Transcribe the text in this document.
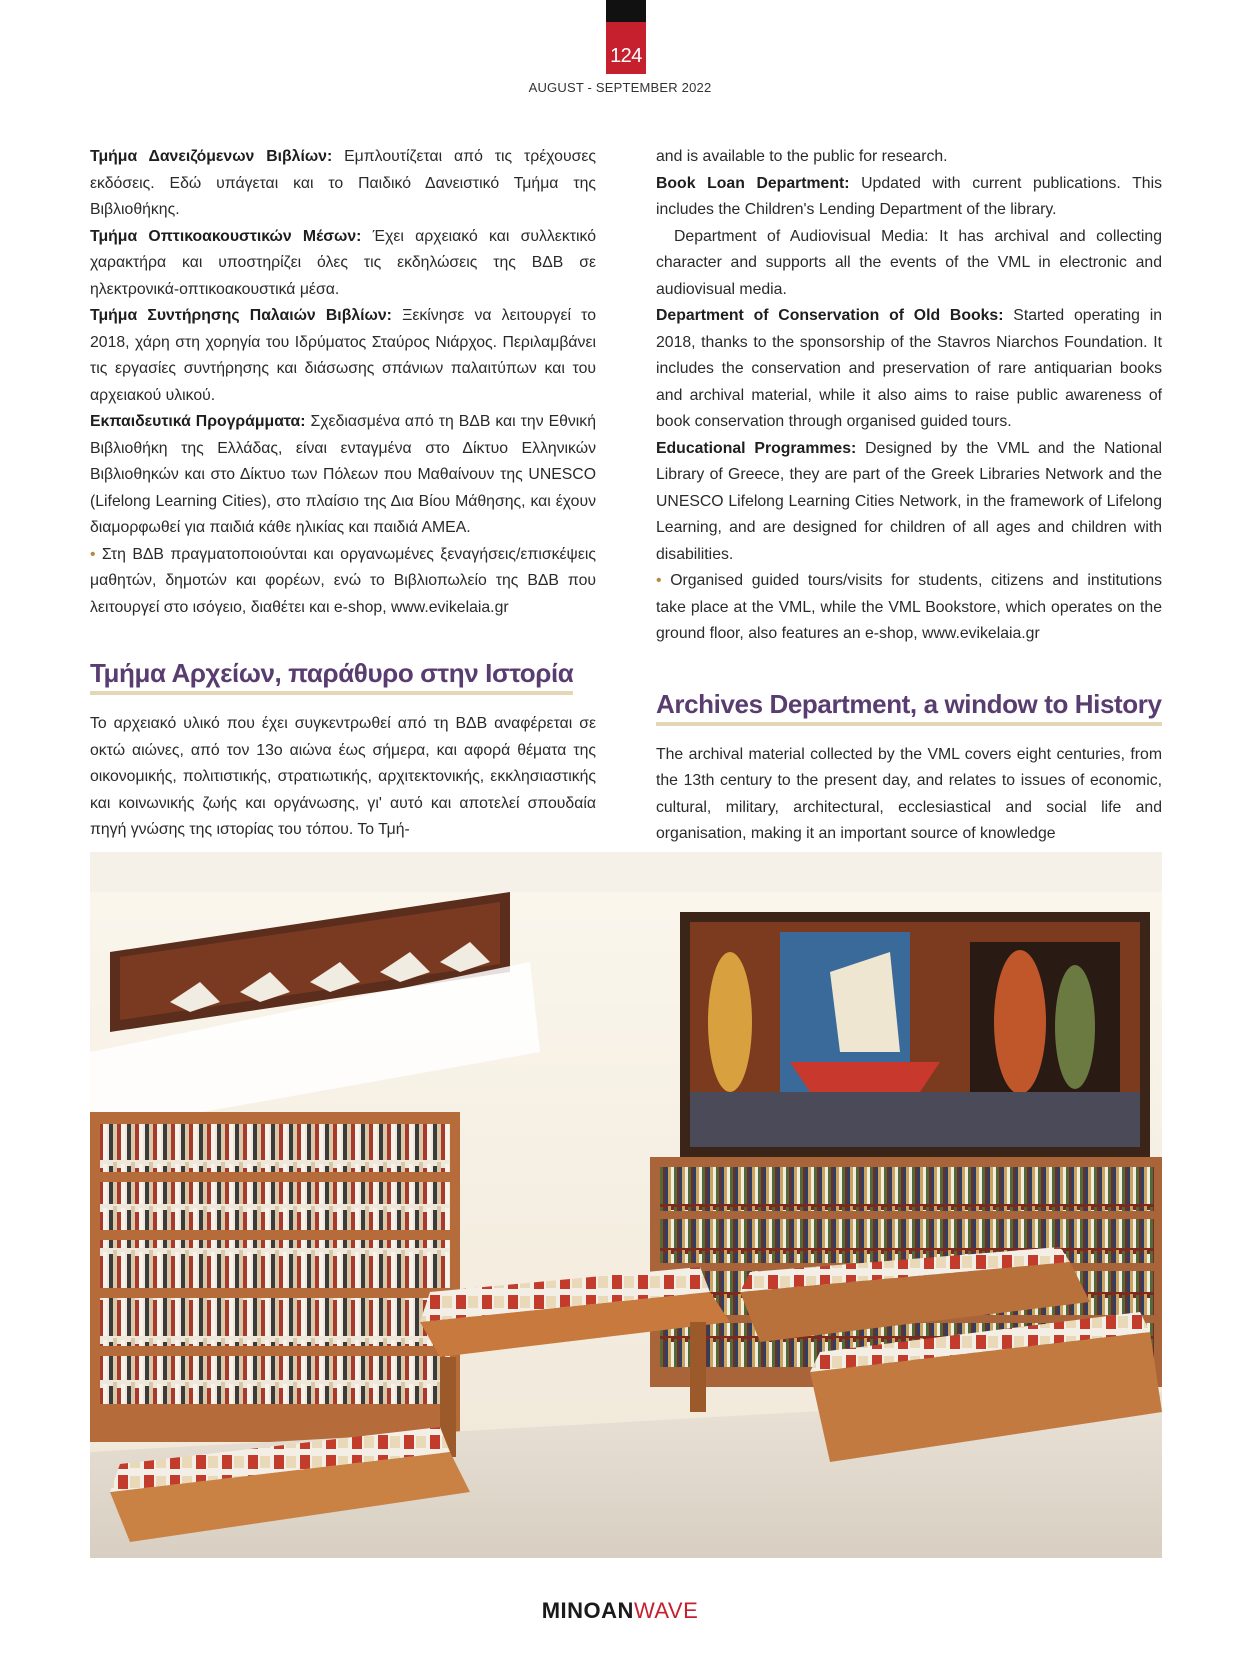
124
AUGUST - SEPTEMBER 2022

Τμήμα Δανειζόμενων Βιβλίων: Εμπλουτίζεται από τις τρέχουσες εκδόσεις. Εδώ υπάγεται και το Παιδικό Δανειστικό Τμήμα της Βιβλιοθήκης.

Τμήμα Οπτικοακουστικών Μέσων: Έχει αρχειακό και συλλεκτικό χαρακτήρα και υποστηρίζει όλες τις εκδηλώσεις της ΒΔΒ σε ηλεκτρονικά-οπτικοακουστικά μέσα.

Τμήμα Συντήρησης Παλαιών Βιβλίων: Ξεκίνησε να λειτουργεί το 2018, χάρη στη χορηγία του Ιδρύματος Σταύρος Νιάρχος. Περιλαμβάνει τις εργασίες συντήρησης και διάσωσης σπάνιων παλαιτύπων και του αρχειακού υλικού.

Εκπαιδευτικά Προγράμματα: Σχεδιασμένα από τη ΒΔΒ και την Εθνική Βιβλιοθήκη της Ελλάδας, είναι ενταγμένα στο Δίκτυο Ελληνικών Βιβλιοθηκών και στο Δίκτυο των Πόλεων που Μαθαίνουν της UNESCO (Lifelong Learning Cities), στο πλαίσιο της Δια Βίου Μάθησης, και έχουν διαμορφωθεί για παιδιά κάθε ηλικίας και παιδιά ΑΜΕΑ.

• Στη ΒΔΒ πραγματοποιούνται και οργανωμένες ξεναγήσεις/επισκέψεις μαθητών, δημοτών και φορέων, ενώ το Βιβλιοπωλείο της ΒΔΒ που λειτουργεί στο ισόγειο, διαθέτει και e-shop, www.evikelaia.gr

Τμήμα Αρχείων, παράθυρο στην Ιστορία

Το αρχειακό υλικό που έχει συγκεντρωθεί από τη ΒΔΒ αναφέρεται σε οκτώ αιώνες, από τον 13ο αιώνα έως σήμερα, και αφορά θέματα της οικονομικής, πολιτιστικής, στρατιωτικής, αρχιτεκτονικής, εκκλησιαστικής και κοινωνικής ζωής και οργάνωσης, γι' αυτό και αποτελεί σπουδαία πηγή γνώσης της ιστορίας του τόπου. Το Τμή-

and is available to the public for research.

Book Loan Department: Updated with current publications. This includes the Children's Lending Department of the library.

Department of Audiovisual Media: It has archival and collecting character and supports all the events of the VML in electronic and audiovisual media.

Department of Conservation of Old Books: Started operating in 2018, thanks to the sponsorship of the Stavros Niarchos Foundation. It includes the conservation and preservation of rare antiquarian books and archival material, while it also aims to raise public awareness of book conservation through organised guided tours.

Educational Programmes: Designed by the VML and the National Library of Greece, they are part of the Greek Libraries Network and the UNESCO Lifelong Learning Cities Network, in the framework of Lifelong Learning, and are designed for children of all ages and children with disabilities.

• Organised guided tours/visits for students, citizens and institutions take place at the VML, while the VML Bookstore, which operates on the ground floor, also features an e-shop, www.evikelaia.gr

Archives Department, a window to History

The archival material collected by the VML covers eight centuries, from the 13th century to the present day, and relates to issues of economic, cultural, military, architectural, ecclesiastical and social life and organisation, making it an important source of knowledge

MINOANWAVE
